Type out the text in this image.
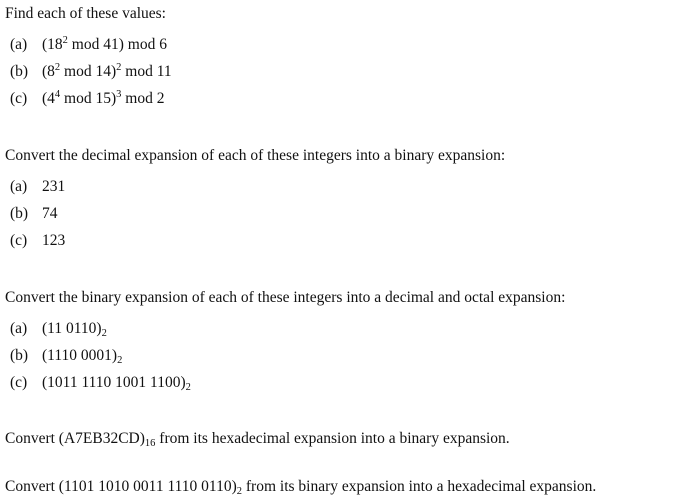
Find each of these values:
(a) ($18^2$ mod 41) mod 6
(b) ($8^2$ mod 14)$^2$ mod 11
(c) ($4^4$ mod 15)$^3$ mod 2
Convert the decimal expansion of each of these integers into a binary expansion:
(a) 231
(b) 74
(c) 123
Convert the binary expansion of each of these integers into a decimal and octal expansion:
(a) (11 $0110)_2$
(b) (1110 $0001)_2$
(c) (1011 1110 1001 $1100)_2$
Convert $(A7EB32CD)_{16}$ from its hexadecimal expansion into a binary expansion.
Convert (1101 1010 0011 1110 $0110)_2$ from its binary expansion into a hexadecimal expansion.
